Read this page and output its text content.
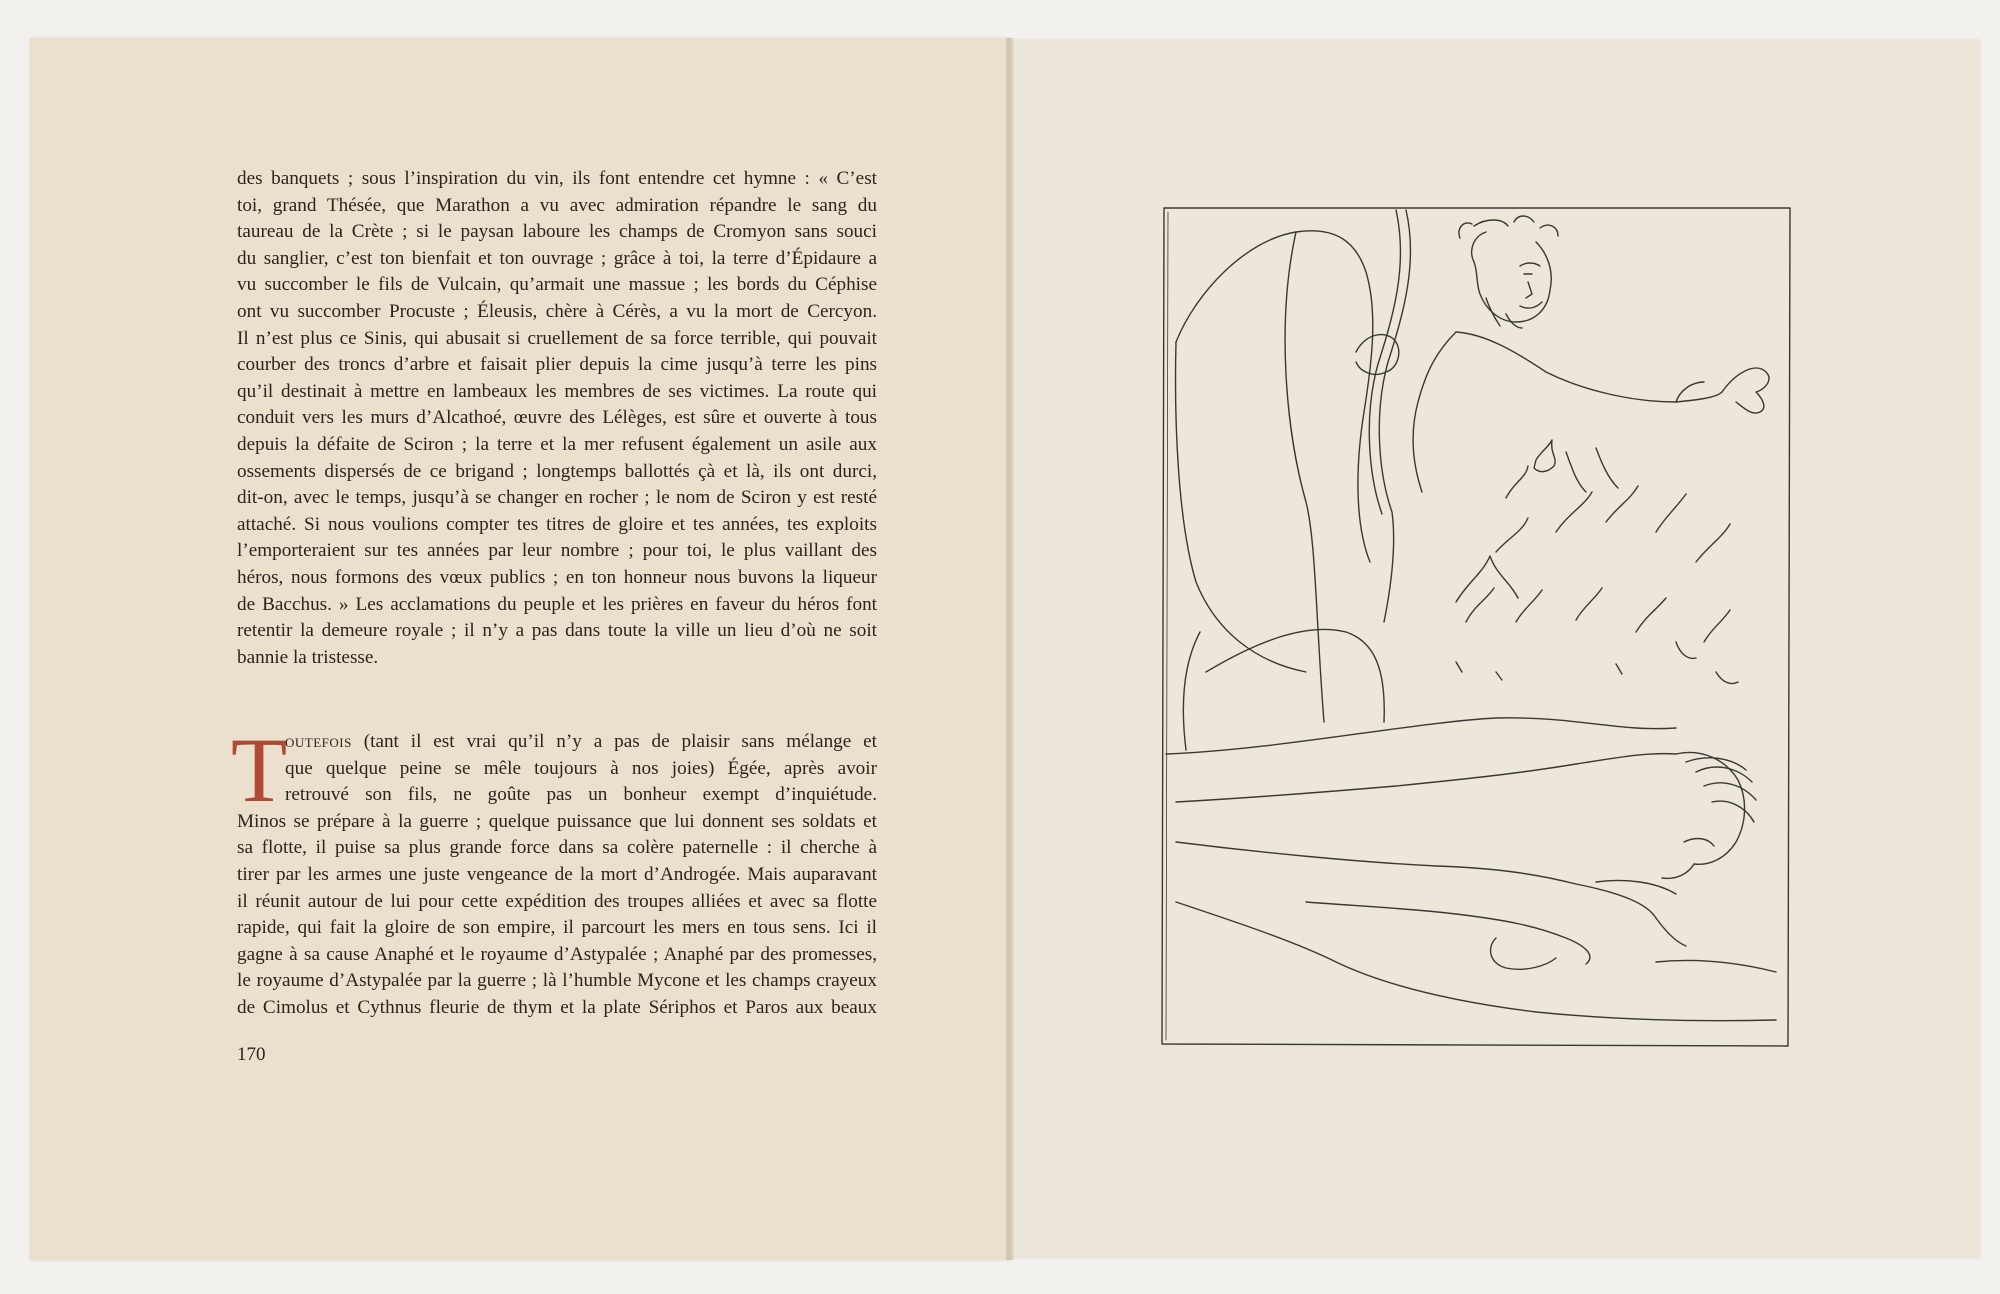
des banquets ; sous l’inspiration du vin, ils font entendre cet hymne : « C’est
toi, grand Thésée, que Marathon a vu avec admiration répandre le sang du
taureau de la Crète ; si le paysan laboure les champs de Cromyon sans souci
du sanglier, c’est ton bienfait et ton ouvrage ; grâce à toi, la terre d’Épidaure a
vu succomber le fils de Vulcain, qu’armait une massue ; les bords du Céphise
ont vu succomber Procuste ; Éleusis, chère à Cérès, a vu la mort de Cercyon.
Il n’est plus ce Sinis, qui abusait si cruellement de sa force terrible, qui pouvait
courber des troncs d’arbre et faisait plier depuis la cime jusqu’à terre les pins
qu’il destinait à mettre en lambeaux les membres de ses victimes. La route qui
conduit vers les murs d’Alcathoé, œuvre des Lélèges, est sûre et ouverte à tous
depuis la défaite de Sciron ; la terre et la mer refusent également un asile aux
ossements dispersés de ce brigand ; longtemps ballottés çà et là, ils ont durci,
dit-on, avec le temps, jusqu’à se changer en rocher ; le nom de Sciron y est resté
attaché. Si nous voulions compter tes titres de gloire et tes années, tes exploits
l’emporteraient sur tes années par leur nombre ; pour toi, le plus vaillant des
héros, nous formons des vœux publics ; en ton honneur nous buvons la liqueur
de Bacchus. » Les acclamations du peuple et les prières en faveur du héros font
retentir la demeure royale ; il n’y a pas dans toute la ville un lieu d’où ne soit
bannie la tristesse.
T
outefois (tant il est vrai qu’il n’y a pas de plaisir sans mélange et
que quelque peine se mêle toujours à nos joies) Égée, après avoir
retrouvé son fils, ne goûte pas un bonheur exempt d’inquiétude.
Minos se prépare à la guerre ; quelque puissance que lui donnent ses soldats et
sa flotte, il puise sa plus grande force dans sa colère paternelle : il cherche à
tirer par les armes une juste vengeance de la mort d’Androgée. Mais auparavant
il réunit autour de lui pour cette expédition des troupes alliées et avec sa flotte
rapide, qui fait la gloire de son empire, il parcourt les mers en tous sens. Ici il
gagne à sa cause Anaphé et le royaume d’Astypalée ; Anaphé par des promesses,
le royaume d’Astypalée par la guerre ; là l’humble Mycone et les champs crayeux
de Cimolus et Cythnus fleurie de thym et la plate Sériphos et Paros aux beaux
170
